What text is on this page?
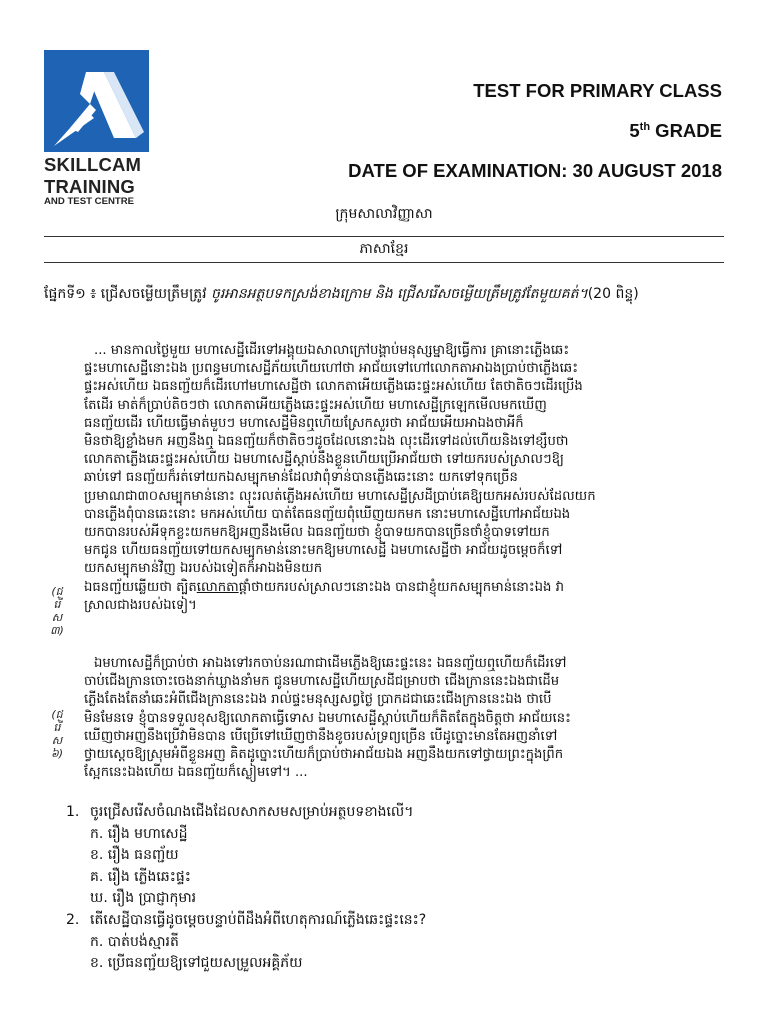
SKILLCAM
TRAINING
AND TEST CENTRE
TEST FOR PRIMARY CLASS
5th GRADE
DATE OF EXAMINATION: 30 AUGUST 2018
ក្រុមសាលាវិញ្ញាសា
ភាសាខ្មែរ
ផ្នែកទី១ ៖ ជ្រើសចម្លើយត្រឹមត្រូវ ចូរអានអត្ថបទកស្រង់ខាងក្រោម និង ជ្រើសរើសចម្លើយត្រឹមត្រូវតែមួយគត់។(20 ពិន្ទុ)
... មានកាលថ្ងៃមួយ មហាសេដ្ឋីដើរទៅអង្គុយឯសាលាក្រៅបង្គាប់មនុស្សម្នាឱ្យធ្វើការ គ្រានោះភ្លើងឆេះ
ផ្ទះមហាសេដ្ឋីនោះឯង ប្រពន្ធមហាសេដ្ឋីភ័យហើយហៅថា អាជ័យទៅហៅលោកតាអាឯងប្រាប់ថាភ្លើងឆេះ
ផ្ទះអស់ហើយ ឯធនញ្ជ័យក៏ដើរហៅមហាសេដ្ឋីថា លោកតាអើយភ្លើងឆេះផ្ទះអស់ហើយ តែថាតិចៗដើរប្រើង
តែដើរ មាត់ក៏ប្រាប់តិចៗថា លោកតាអើយភ្លើងឆេះផ្ទះអស់ហើយ មហាសេដ្ឋីក្រឡេកមើលមកឃើញ
ធនញ្ជ័យដើរ ហើយធ្វើមាត់មួបៗ មហាសេដ្ឋីមិនឮហើយស្រែកសួរថា អាជ័យអើយអាឯងថាអីក៏
មិនថាឱ្យខ្លាំងមក អញនឹងឮ ឯធនញ្ជ័យក៏ថាតិចៗដូចដែលនោះឯង លុះដើរទៅដល់ហើយនិងទៅខ្សឹបថា
លោកតាភ្លើងឆេះផ្ទះអស់ហើយ ឯមហាសេដ្ឋីស្ដាប់នឹងខ្លួនហើយប្រើអាជ័យថា ទៅយករបស់ស្រាលៗឱ្យ
ឆាប់ទៅ ធនញ្ជ័យក៏រត់ទៅយកឯសម្បុកមាន់ដែលវាពុំទាន់បានភ្លើងឆេះនោះ យកទៅទុកច្រើន
ប្រមាណជា៣០សម្បុកមាន់នោះ លុះរលត់ភ្លើងអស់ហើយ មហាសេដ្ឋីស្រដីប្រាប់គេឱ្យយកអស់របស់ដែលយក
បានភ្លើងពុំបានឆេះនោះ មកអស់ហើយ បាត់តែធនញ្ជ័យពុំឃើញយកមក នោះមហាសេដ្ឋីហៅអាជ័យឯង
យកបានរបស់អីទុកខ្លះយកមកឱ្យអញនឹងមើល ឯធនញ្ជ័យថា ខ្ញុំបាទយកបានច្រើនថាំខ្ញុំបាទទៅយក
មកជូន ហើយធនញ្ជ័យទៅយកសម្បុកមាន់នោះមកឱ្យមហាសេដ្ឋី ឯមហាសេដ្ឋីថា អាជ័យដូចម្ដេចក៏ទៅ
យកសម្បុកមាន់វិញ ឯរបស់ឯទៀតក៏អាឯងមិនយក
ឯធនញ្ជ័យឆ្លើយថា ត្បិតលោកតាផ្ដាំថាយករបស់ស្រាលៗនោះឯង បានជាខ្ញុំយកសម្បុកមាន់នោះឯង វា
ស្រាលជាងរបស់ឯទៀ។
(ជ្
រើ
ស
៣)
(ជ្
រើ
ស
៦)
ឯមហាសេដ្ឋីក៏ប្រាប់ថា អាឯងទៅរកចាប់នរណាជាដើមភ្លើងឱ្យឆេះផ្ទះនេះ ឯធនញ្ជ័យឮហើយក៏ដើរទៅ
ចាប់ជើងក្រានចោះចេងនាក់ឃ្លាងនាំមក ជូនមហាសេដ្ឋីហើយស្រដីជម្រាបថា ជើងក្រាននេះឯងជាដើម
ភ្លើងតែងតែនាំឆេះអំពីជើងក្រាននេះឯង រាល់ផ្ទះមនុស្សសព្វថ្ងៃ ប្រាកដជាឆេះជើងក្រាននេះឯង ថាបើ
មិនមែនទេ ខ្ញុំបានទទួលខុសឱ្យលោកតាធ្វើទោស ឯមហាសេដ្ឋីស្ដាប់ហើយក៏តិតតែក្នុងចិត្តថា អាជ័យនេះ
ឃើញថាអញនឹងប្រើវាមិនបាន បើប្រើទៅឃើញថានឹងខូចរបស់ទ្រព្យច្រើន បើដូច្នោះមានតែអញនាំទៅ
ថ្វាយស្ដេចឱ្យស្រុមអំពីខ្លួនអញ គិតដូច្នោះហើយក៏ប្រាប់ថាអាជ័យឯង អញនឹងយកទៅថ្វាយព្រះក្នុងព្រឹក
ស្អែកនេះឯងហើយ ឯធនញ្ជ័យក៏ស្ងៀមទៅ។ ...
1. ចូរជ្រើសរើសចំណងជើងដែលសាកសមសម្រាប់អត្ថបទខាងលើ។
ក. រឿង មហាសេដ្ឋី
ខ. រឿង ធនញ្ជ័យ
គ. រឿង ភ្លើងឆេះផ្ទះ
ឃ. រឿង ប្រាជ្ញាកុមារ
2. តើសេដ្ឋីបានធ្វើដូចម្ដេចបន្ទាប់ពីដឹងអំពីហេតុការណ៍ភ្លើងឆេះផ្ទះនេះ?
ក. បាត់បង់ស្មារតី
ខ. ប្រើធនញ្ជ័យឱ្យទៅជួយសម្រួលអគ្គិភ័យ
